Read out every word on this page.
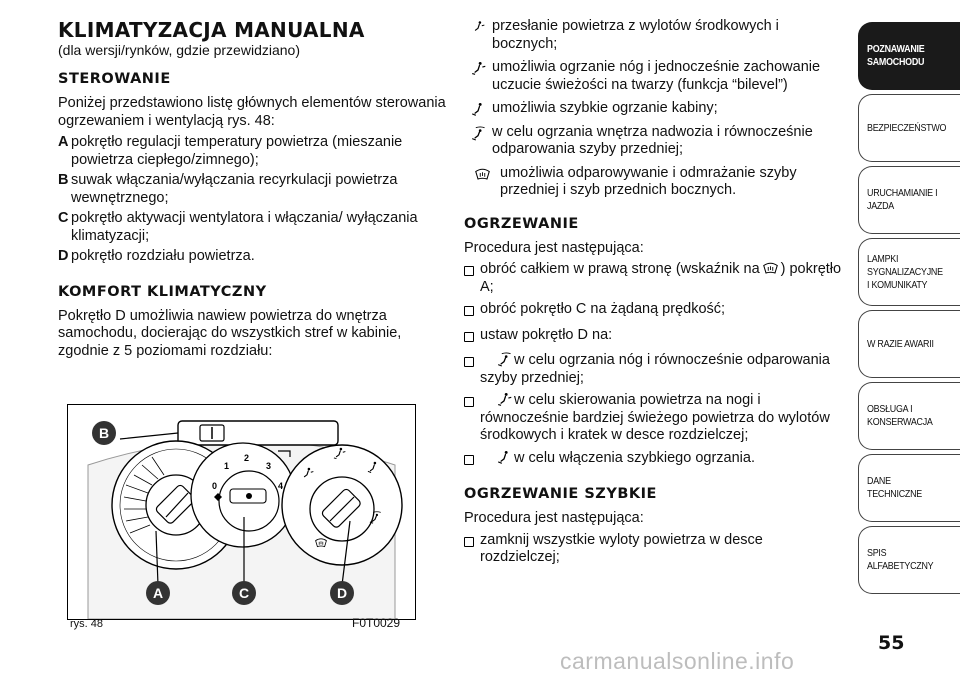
KLIMATYZACJA MANUALNA
(dla wersji/rynków, gdzie przewidziano)
STEROWANIE

Poniżej przedstawiono listę głównych elementów sterowania ogrzewaniem i wentylacją rys. 48:

A pokrętło regulacji temperatury powietrza (mieszanie powietrza ciepłego/zimnego);
B suwak włączania/wyłączania recyrkulacji powietrza wewnętrznego;
C pokrętło aktywacji wentylatora i włączania/ wyłączania klimatyzacji;
D pokrętło rozdziału powietrza.
KOMFORT KLIMATYCZNY

Pokrętło D umożliwia nawiew powietrza do wnętrza samochodu, docierając do wszystkich stref w kabinie, zgodnie z 5 poziomami rozdziału:

0
1
2
3
4
B
A	C	D
rys. 48	F0T0029
przesłanie powietrza z wylotów środkowych i bocznych;
umożliwia ogrzanie nóg i jednocześnie zachowanie uczucie świeżości na twarzy (funkcja “bilevel”)
umożliwia szybkie ogrzanie kabiny;
w celu ogrzania wnętrza nadwozia i równocześnie odparowania szyby przedniej;
umożliwia odparowywanie i odmrażanie szyby przedniej i szyb przednich bocznych.
OGRZEWANIE

Procedura jest następująca:

obróć całkiem w prawą stronę (wskaźnik na ) pokrętło A;
obróć pokrętło C na żądaną prędkość;
ustaw pokrętło D na:
w celu ogrzania nóg i równocześnie odparowania szyby przedniej;
w celu skierowania powietrza na nogi i równocześnie bardziej świeżego powietrza do wylotów środkowych i kratek w desce rozdzielczej;
w celu włączenia szybkiego ogrzania.
OGRZEWANIE SZYBKIE

Procedura jest następująca:

zamknij wszystkie wyloty powietrza w desce rozdzielczej;
POZNAWANIE SAMOCHODU
BEZPIECZEŃSTWO
URUCHAMIANIE I JAZDA
LAMPKI SYGNALIZACYJNE I KOMUNIKATY
W RAZIE AWARII
OBSŁUGA I KONSERWACJA
DANE TECHNICZNE
SPIS ALFABETYCZNY
55
carmanualsonline.info
